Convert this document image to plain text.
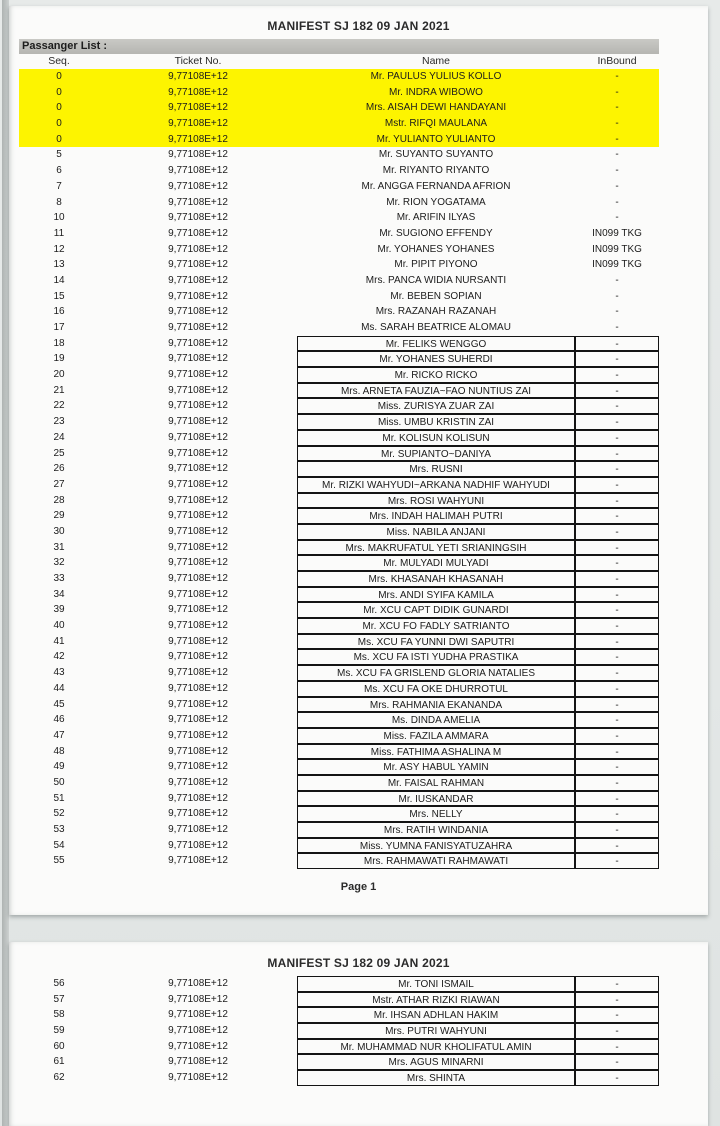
MANIFEST SJ 182 09 JAN 2021
Passanger List :
Seq.	Ticket No.	Name	InBound
0	9,77108E+12	Mr. PAULUS YULIUS KOLLO	-
0	9,77108E+12	Mr. INDRA WIBOWO	-
0	9,77108E+12	Mrs. AISAH DEWI HANDAYANI	-
0	9,77108E+12	Mstr. RIFQI MAULANA	-
0	9,77108E+12	Mr. YULIANTO YULIANTO	-
5	9,77108E+12	Mr. SUYANTO SUYANTO	-
6	9,77108E+12	Mr. RIYANTO RIYANTO	-
7	9,77108E+12	Mr. ANGGA FERNANDA AFRION	-
8	9,77108E+12	Mr. RION YOGATAMA	-
10	9,77108E+12	Mr. ARIFIN ILYAS	-
11	9,77108E+12	Mr. SUGIONO EFFENDY	IN099 TKG
12	9,77108E+12	Mr. YOHANES YOHANES	IN099 TKG
13	9,77108E+12	Mr. PIPIT PIYONO	IN099 TKG
14	9,77108E+12	Mrs. PANCA WIDIA NURSANTI	-
15	9,77108E+12	Mr. BEBEN SOPIAN	-
16	9,77108E+12	Mrs. RAZANAH RAZANAH	-
17	9,77108E+12	Ms. SARAH BEATRICE ALOMAU	-
18	9,77108E+12	Mr. FELIKS WENGGO	-
19	9,77108E+12	Mr. YOHANES SUHERDI	-
20	9,77108E+12	Mr. RICKO RICKO	-
21	9,77108E+12	Mrs. ARNETA FAUZIA~FAO NUNTIUS ZAI	-
22	9,77108E+12	Miss. ZURISYA ZUAR ZAI	-
23	9,77108E+12	Miss. UMBU KRISTIN ZAI	-
24	9,77108E+12	Mr. KOLISUN KOLISUN	-
25	9,77108E+12	Mr. SUPIANTO~DANIYA	-
26	9,77108E+12	Mrs. RUSNI	-
27	9,77108E+12	Mr. RIZKI WAHYUDI~ARKANA NADHIF WAHYUDI	-
28	9,77108E+12	Mrs. ROSI WAHYUNI	-
29	9,77108E+12	Mrs. INDAH HALIMAH PUTRI	-
30	9,77108E+12	Miss. NABILA ANJANI	-
31	9,77108E+12	Mrs. MAKRUFATUL YETI SRIANINGSIH	-
32	9,77108E+12	Mr. MULYADI MULYADI	-
33	9,77108E+12	Mrs. KHASANAH KHASANAH	-
34	9,77108E+12	Mrs. ANDI SYIFA KAMILA	-
39	9,77108E+12	Mr. XCU CAPT DIDIK GUNARDI	-
40	9,77108E+12	Mr. XCU FO FADLY SATRIANTO	-
41	9,77108E+12	Ms. XCU FA YUNNI DWI SAPUTRI	-
42	9,77108E+12	Ms. XCU FA ISTI YUDHA PRASTIKA	-
43	9,77108E+12	Ms. XCU FA GRISLEND GLORIA NATALIES	-
44	9,77108E+12	Ms. XCU FA OKE DHURROTUL	-
45	9,77108E+12	Mrs. RAHMANIA EKANANDA	-
46	9,77108E+12	Ms. DINDA AMELIA	-
47	9,77108E+12	Miss. FAZILA AMMARA	-
48	9,77108E+12	Miss. FATHIMA ASHALINA M	-
49	9,77108E+12	Mr. ASY HABUL YAMIN	-
50	9,77108E+12	Mr. FAISAL RAHMAN	-
51	9,77108E+12	Mr. IUSKANDAR	-
52	9,77108E+12	Mrs. NELLY	-
53	9,77108E+12	Mrs. RATIH WINDANIA	-
54	9,77108E+12	Miss. YUMNA FANISYATUZAHRA	-
55	9,77108E+12	Mrs. RAHMAWATI RAHMAWATI	-
Page 1
MANIFEST SJ 182 09 JAN 2021
56	9,77108E+12	Mr. TONI ISMAIL	-
57	9,77108E+12	Mstr. ATHAR RIZKI RIAWAN	-
58	9,77108E+12	Mr. IHSAN ADHLAN HAKIM	-
59	9,77108E+12	Mrs. PUTRI WAHYUNI	-
60	9,77108E+12	Mr. MUHAMMAD NUR KHOLIFATUL AMIN	-
61	9,77108E+12	Mrs. AGUS MINARNI	-
62	9,77108E+12	Mrs. SHINTA	-
